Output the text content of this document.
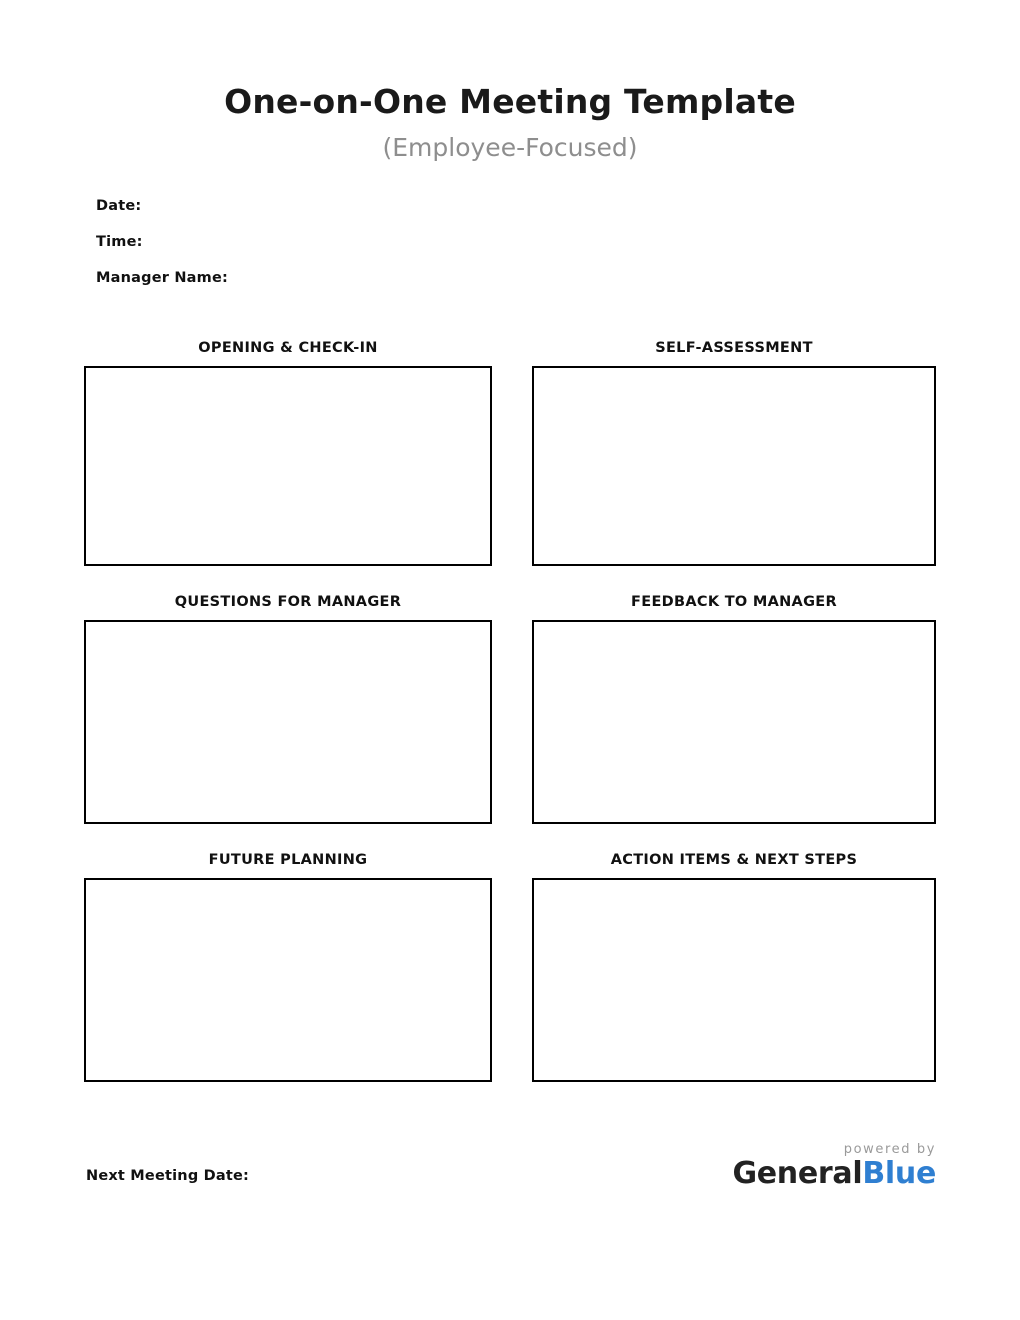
One-on-One Meeting Template
(Employee-Focused)
Date:
Time:
Manager Name:
OPENING & CHECK-IN	SELF-ASSESSMENT
QUESTIONS FOR MANAGER	FEEDBACK TO MANAGER
FUTURE PLANNING	ACTION ITEMS & NEXT STEPS
Next Meeting Date:
powered by
GeneralBlue
